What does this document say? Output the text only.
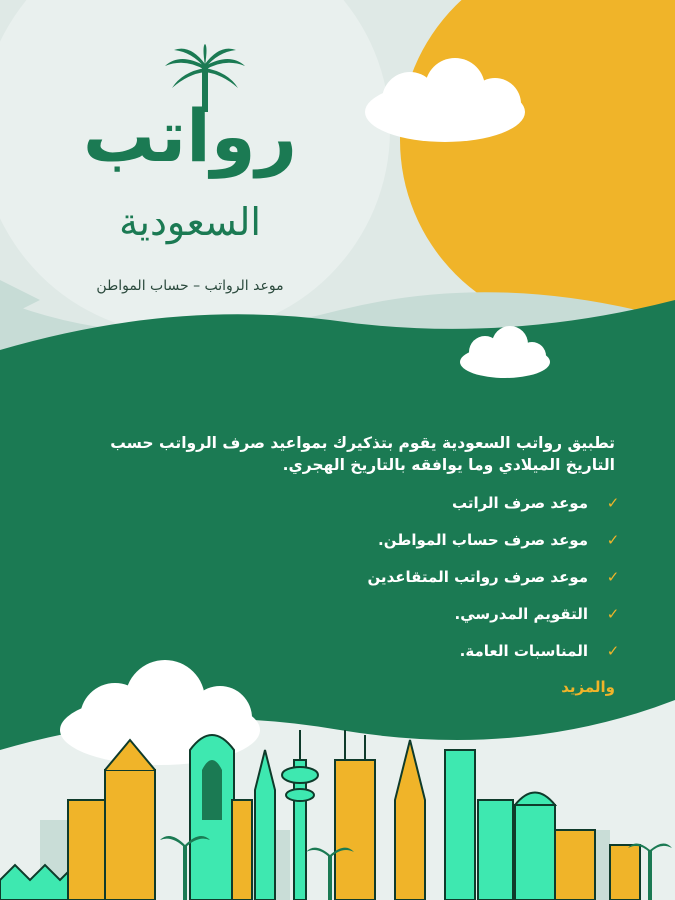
رواتب
السعودية
موعد الرواتب – حساب المواطن
تطبيق رواتب السعودية يقوم بتذكيرك بمواعيد صرف الرواتب حسب التاريخ الميلادي وما يوافقه بالتاريخ الهجري.
✓
موعد صرف الراتب
✓
موعد صرف حساب المواطن.
✓
موعد صرف رواتب المتقاعدين
✓
التقويم المدرسي.
✓
المناسبات العامة.
والمزيد
